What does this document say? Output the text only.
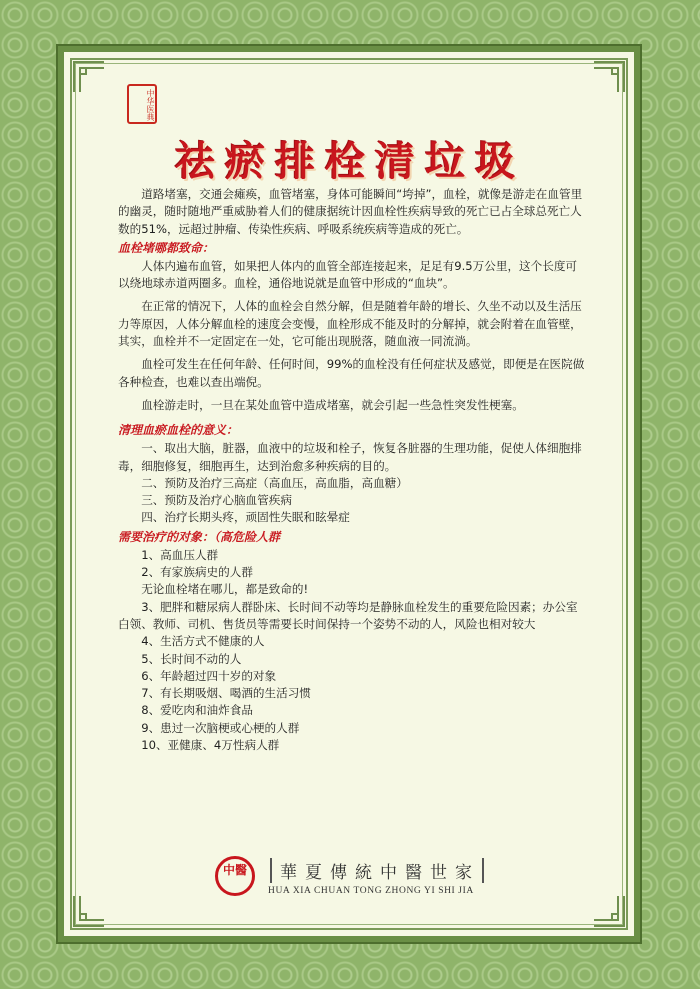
中华医典
祛瘀排栓清垃圾

道路堵塞，交通会瘫痪，血管堵塞，身体可能瞬间“垮掉”，血栓，就像是游走在血管里的幽灵，随时随地严重威胁着人们的健康据统计因血栓性疾病导致的死亡已占全球总死亡人数的51%，远超过肿瘤、传染性疾病、呼吸系统疾病等造成的死亡。

血栓堵哪都致命：

人体内遍布血管，如果把人体内的血管全部连接起来，足足有9.5万公里，这个长度可以绕地球赤道两圈多。血栓，通俗地说就是血管中形成的“血块”。

在正常的情况下，人体的血栓会自然分解，但是随着年龄的增长、久坐不动以及生活压力等原因，人体分解血栓的速度会变慢，血栓形成不能及时的分解掉，就会附着在血管壁，其实，血栓并不一定固定在一处，它可能出现脱落，随血液一同流淌。

血栓可发生在任何年龄、任何时间，99%的血栓没有任何症状及感觉，即便是在医院做各种检查，也难以查出端倪。

血栓游走时，一旦在某处血管中造成堵塞，就会引起一些急性突发性梗塞。

清理血瘀血栓的意义：

一、取出大脑，脏器，血液中的垃圾和栓子，恢复各脏器的生理功能，促使人体细胞排毒，细胞修复，细胞再生，达到治愈多种疾病的目的。

二、预防及治疗三高症（高血压，高血脂，高血糖）

三、预防及治疗心脑血管疾病

四、治疗长期头疼，顽固性失眠和眩晕症

需要治疗的对象：（高危险人群

1、高血压人群

2、有家族病史的人群

无论血栓堵在哪儿，都是致命的!

3、肥胖和糖尿病人群卧床、长时间不动等均是静脉血栓发生的重要危险因素；办公室白领、教师、司机、售货员等需要长时间保持一个姿势不动的人，风险也相对较大

4、生活方式不健康的人

5、长时间不动的人

6、年龄超过四十岁的对象

7、有长期吸烟、喝酒的生活习惯

8、爱吃肉和油炸食品

9、患过一次脑梗或心梗的人群

10、亚健康、4万性病人群

中醫	華夏傳統中醫世家
HUA XIA CHUAN TONG ZHONG YI SHI JIA
